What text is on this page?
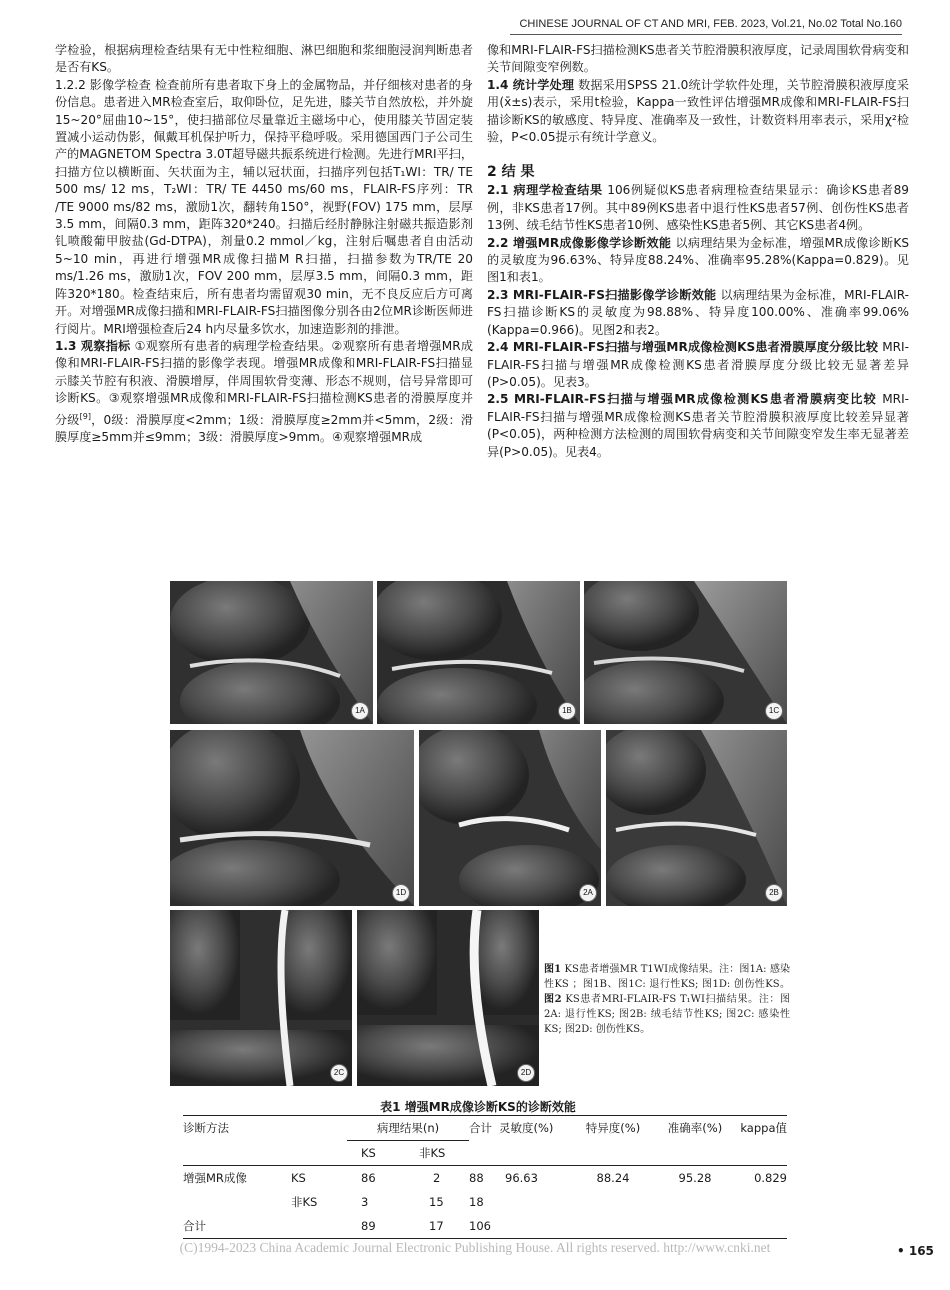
CHINESE JOURNAL OF CT AND MRI, FEB. 2023, Vol.21, No.02 Total No.160

学检验，根据病理检查结果有无中性粒细胞、淋巴细胞和浆细胞浸润判断患者是否有KS。

1.2.2 影像学检查 检查前所有患者取下身上的金属物品，并仔细核对患者的身份信息。患者进入MR检查室后，取仰卧位，足先进，膝关节自然放松，并外旋15~20°屈曲10~15°，使扫描部位尽量靠近主磁场中心，使用膝关节固定装置减小运动伪影，佩戴耳机保护听力，保持平稳呼吸。采用德国西门子公司生产的MAGNETOM Spectra 3.0T超导磁共振系统进行检测。先进行MRI平扫，扫描方位以横断面、矢状面为主，辅以冠状面，扫描序列包括T₁WI：TR/ TE 500 ms/ 12 ms，T₂WI：TR/ TE 4450 ms/60 ms，FLAIR-FS序列：TR /TE 9000 ms/82 ms，激励1次，翻转角150°，视野(FOV) 175 mm，层厚3.5 mm，间隔0.3 mm，距阵320*240。扫描后经肘静脉注射磁共振造影剂钆喷酸葡甲胺盐(Gd-DTPA)，剂量0.2 mmol／kg，注射后嘱患者自由活动5~10 min，再进行增强MR成像扫描M R扫描，扫描参数为TR/TE 20 ms/1.26 ms，激励1次，FOV 200 mm，层厚3.5 mm，间隔0.3 mm，距阵320*180。检查结束后，所有患者均需留观30 min，无不良反应后方可离开。对增强MR成像扫描和MRI-FLAIR-FS扫描图像分别各由2位MR诊断医师进行阅片。MRI增强检查后24 h内尽量多饮水，加速造影剂的排泄。

1.3 观察指标 ①观察所有患者的病理学检查结果。②观察所有患者增强MR成像和MRI-FLAIR-FS扫描的影像学表现。增强MR成像和MRI-FLAIR-FS扫描显示膝关节腔有积液、滑膜增厚，伴周围软骨变薄、形态不规则，信号异常即可诊断KS。③观察增强MR成像和MRI-FLAIR-FS扫描检测KS患者的滑膜厚度并分级[9]，0级：滑膜厚度<2mm；1级：滑膜厚度≥2mm并<5mm，2级：滑膜厚度≥5mm并≤9mm；3级：滑膜厚度>9mm。④观察增强MR成

像和MRI-FLAIR-FS扫描检测KS患者关节腔滑膜积液厚度，记录周围软骨病变和关节间隙变窄例数。

1.4 统计学处理 数据采用SPSS 21.0统计学软件处理，关节腔滑膜积液厚度采用(x̄±s)表示，采用t检验，Kappa一致性评估增强MR成像和MRI-FLAIR-FS扫描诊断KS的敏感度、特异度、准确率及一致性，计数资料用率表示，采用χ²检验，P<0.05提示有统计学意义。

2 结 果

2.1 病理学检查结果 106例疑似KS患者病理检查结果显示：确诊KS患者89例，非KS患者17例。其中89例KS患者中退行性KS患者57例、创伤性KS患者13例、绒毛结节性KS患者10例、感染性KS患者5例、其它KS患者4例。

2.2 增强MR成像影像学诊断效能 以病理结果为金标准，增强MR成像诊断KS的灵敏度为96.63%、特异度88.24%、准确率95.28%(Kappa=0.829)。见图1和表1。

2.3 MRI-FLAIR-FS扫描影像学诊断效能 以病理结果为金标准，MRI-FLAIR-FS扫描诊断KS的灵敏度为98.88%、特异度100.00%、准确率99.06%(Kappa=0.966)。见图2和表2。

2.4 MRI-FLAIR-FS扫描与增强MR成像检测KS患者滑膜厚度分级比较 MRI-FLAIR-FS扫描与增强MR成像检测KS患者滑膜厚度分级比较无显著差异(P>0.05)。见表3。

2.5 MRI-FLAIR-FS扫描与增强MR成像检测KS患者滑膜病变比较 MRI-FLAIR-FS扫描与增强MR成像检测KS患者关节腔滑膜积液厚度比较差异显著(P<0.05)，两种检测方法检测的周围软骨病变和关节间隙变窄发生率无显著差异(P>0.05)。见表4。

1A	1B	1C
1D	2A	2B
2C	2D
图1 KS患者增强MR T1WI成像结果。注：图1A: 感染性KS ；图1B、图1C: 退行性KS; 图1D: 创伤性KS。 图2 KS患者MRI-FLAIR-FS T₁WI扫描结果。注：图2A: 退行性KS; 图2B: 绒毛结节性KS; 图2C: 感染性KS; 图2D: 创伤性KS。
表1 增强MR成像诊断KS的诊断效能
诊断方法		病理结果(n)		合计	灵敏度(%)	特异度(%)	准确率(%)	kappa值
		KS	非KS					
增强MR成像	KS	86	2	88	96.63	88.24	95.28	0.829
	非KS	3	15	18				
合计		89	17	106				
(C)1994-2023 China Academic Journal Electronic Publishing House. All rights reserved. http://www.cnki.net	• 165
